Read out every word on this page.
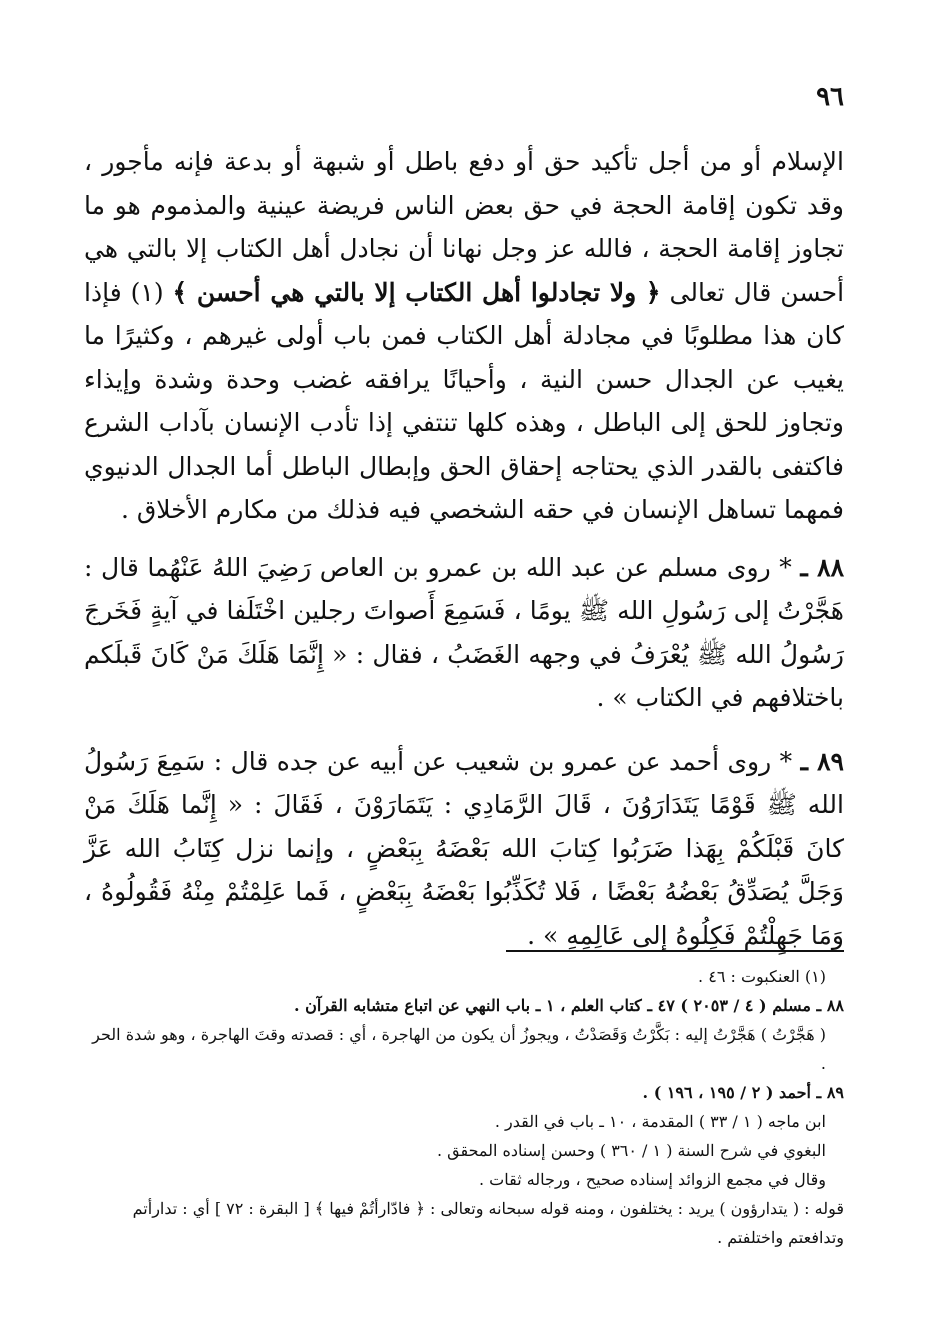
٩٦

الإسلام أو من أجل تأكيد حق أو دفع باطل أو شبهة أو بدعة فإنه مأجور ، وقد تكون إقامة الحجة في حق بعض الناس فريضة عينية والمذموم هو ما تجاوز إقامة الحجة ، فالله عز وجل نهانا أن نجادل أهل الكتاب إلا بالتي هي أحسن قال تعالى ﴿ ولا تجادلوا أهل الكتاب إلا بالتي هي أحسن ﴾ (١) فإذا كان هذا مطلوبًا في مجادلة أهل الكتاب فمن باب أولى غيرهم ، وكثيرًا ما يغيب عن الجدال حسن النية ، وأحيانًا يرافقه غضب وحدة وشدة وإيذاء وتجاوز للحق إلى الباطل ، وهذه كلها تنتفي إذا تأدب الإنسان بآداب الشرع فاكتفى بالقدر الذي يحتاجه إحقاق الحق وإبطال الباطل أما الجدال الدنيوي فمهما تساهل الإنسان في حقه الشخصي فيه فذلك من مكارم الأخلاق .

٨٨ ـ * روى مسلم عن عبد الله بن عمرو بن العاص رَضِيَ اللهُ عَنْهُما قال : هَجَّرْتُ إلى رَسُولِ الله ﷺ يومًا ، فَسَمِعَ أَصواتَ رجلين اخْتَلَفا في آيةٍ فَخَرجَ رَسُولُ الله ﷺ يُعْرَفُ في وجهه الغَضَبُ ، فقال : « إِنَّمَا هَلَكَ مَنْ كَانَ قَبلَكم باختلافهم في الكتاب » .

٨٩ ـ * روى أحمد عن عمرو بن شعيب عن أبيه عن جده قال : سَمِعَ رَسُولُ الله ﷺ قَوْمًا يَتَدَارَوُنَ ، قَالَ الرَّمَادِي : يَتَمَارَوْنَ ، فَقَالَ : « إِنَّما هَلَكَ مَنْ كانَ قَبْلَكُمْ بِهَذا ضَرَبُوا كِتابَ الله بَعْضَهُ بِبَعْضٍ ، وإنما نزل كِتَابُ الله عَزَّ وَجَلَّ يُصَدِّقُ بَعْضُهُ بَعْضًا ، فَلا تُكَذِّبُوا بَعْضَهُ بِبَعْضٍ ، فَما عَلِمْتُمْ مِنْهُ فَقُولُوهُ ، وَمَا جَهِلْتُمْ فَكِلُوهُ إلى عَالِمِهِ » .

(١) العنكبوت : ٤٦ .

٨٨ ـ مسلم ( ٤ / ٢٠٥٣ ) ٤٧ ـ كتاب العلم ، ١ ـ باب النهي عن اتباع متشابه القرآن .

( هَجَّرْتُ ) هَجَّرْتُ إليه : بَكَّرْتُ وَقَصَدْتُ ، ويجوزُ أن يكون من الهاجرة ، أي : قصدته وقتَ الهاجرة ، وهو شدة الحر .

٨٩ ـ أحمد ( ٢ / ١٩٥ ، ١٩٦ ) .

ابن ماجه ( ١ / ٣٣ ) المقدمة ، ١٠ ـ باب في القدر .

البغوي في شرح السنة ( ١ / ٣٦٠ ) وحسن إسناده المحقق .

وقال في مجمع الزوائد إسناده صحيح ، ورجاله ثقات .

قوله : ( يتدارؤون ) يريد : يختلفون ، ومنه قوله سبحانه وتعالى : ﴿ فادّارأتُمْ فيها ﴾ [ البقرة : ٧٢ ] أي : تدارأتم وتدافعتم واختلفتم .
